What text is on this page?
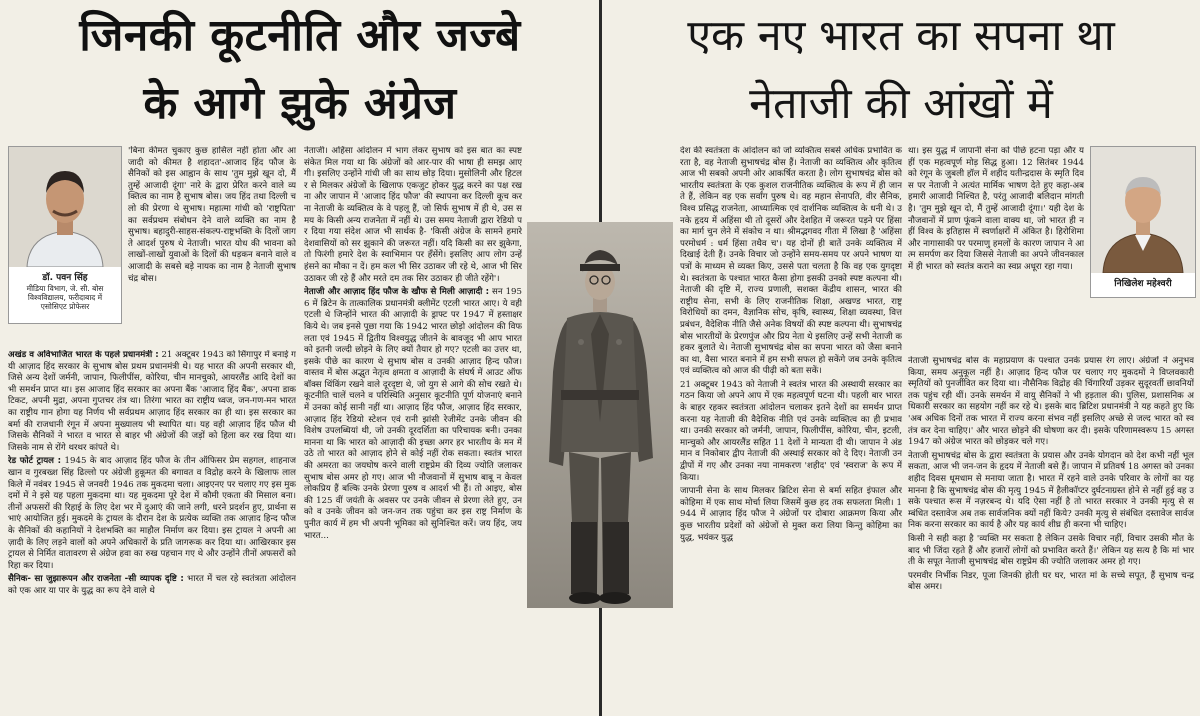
जिनकी कूटनीति और जज्बे
के आगे झुके अंग्रेज
डॉ. पवन सिंह
मीडिया विभाग, जे. सी. बोस
विश्वविद्यालय, फरीदाबाद में
एसोसिएट प्रोफेसर

'बिना कीमत चुकाए कुछ हासिल नहीं होता और आजादी को कीमत है शहादत'-आजाद हिंद फौज के सैनिकों को इस आह्वान के साथ 'तुम मुझे खून दो, मैं तुम्हें आजादी दूंगा' नारे के द्वारा प्रेरित करने वाले व्यक्तित्व का नाम है सुभाष बोस। जय हिंद तथा दिल्ली चलो की प्रेरणा थे सुभाष। महात्मा गांधी को 'राष्ट्रपिता' का सर्वप्रथम संबोधन देने वाले व्यक्ति का नाम है सुभाष। बहादुरी-साहस-संकल्प-राष्ट्रभक्ति के दिलों जागते आदर्श पुरुष थे नेताजी। भारत योध की भावना को लाखों-लाखों युवाओं के दिलों की धड़कन बनाने वाले व आजादी के सबसे बड़े नायक का नाम है नेताजी सुभाषचंद्र बोस।

अखंड व अविभाजित भारत के पहले प्रधानमंत्री : 21 अक्टूबर 1943 को सिंगापुर में बनाई गयी आज़ाद हिंद सरकार के सुभाष बोस प्रथम प्रधानमंत्री थे। यह भारत की अपनी सरकार थी, जिसे अन्य देशों जर्मनी, जापान, फिलीपींस, कोरिया, चीन मानचुको, आयरलैंड आदि देशों का भी समर्थन प्राप्त था। इस आजाद हिंद सरकार का अपना बैंक 'आजाद हिंद बैंक', अपना डाक टिकट, अपनी मुद्रा, अपना गुप्तचर तंत्र था। तिरंगा भारत का राष्ट्रीय ध्वज, जन-गण-मन भारत का राष्ट्रीय गान होगा यह निर्णय भी सर्वप्रथम आज़ाद हिंद सरकार का ही था। इस सरकार का बर्मा की राजधानी रंगून में अपना मुख्यालय भी स्थापित था। यह वही आज़ाद हिंद फौज थी जिसके सैनिकों ने भारत व भारत से बाहर भी अंग्रेजों की जड़ों को हिला कर रख दिया था। जिसके नाम से रोंगे थरथर कांपते थे।

रेड फोर्ट ट्रायल : 1945 के बाद आज़ाद हिंद फौज के तीन ऑफिसर प्रेम सहगल, शाहनाज खान व गुरबख्श सिंह ढिल्लो पर अंग्रेजी हुकूमत की बगावत व विद्रोह करने के खिलाफ लाल किले में नवंबर 1945 से जनवरी 1946 तक मुकदमा चला। आइएनए पर चलाए गए इस मुकदमों में ने इसे यह पहला मुकदमा था। यह मुकदमा पूरे देश में कौमी एकता की मिसाल बना। तीनों अफसरों की रिहाई के लिए देश भर में दुआएं की जाने लगी, धरने प्रदर्शन हुए, प्रार्थना सभाएं आयोजित हुई। मुकदमे के ट्रायल के दौरान देश के प्रत्येक व्यक्ति तक आज़ाद हिन्द फौज के सैनिकों की कहानियों ने देशभक्ति का माहौल निर्माण कर दिया। इस ट्रायल ने अपनी आज़ादी के लिए लड़ने वालों को अपने अधिकारों के प्रति जागरूक कर दिया था। आखिरकार इस ट्रायल से निर्मित वातावरण से अंग्रेज हवा का रुख पहचान गए थे और उन्होंने तीनों अफसरों को रिहा कर दिया।

सैनिक- सा जुझारूपन और राजनेता -सी व्यापक दृष्टि : भारत में चल रहे स्वतंत्रता आंदोलन को एक आर या पार के युद्ध का रूप देने वाले थे

नेताजी। अहिंसा आंदोलन में भाग लेकर सुभाष को इस बात का स्पष्ट संकेत मिल गया था कि अंग्रेजों को आर-पार की भाषा ही समझ आएगी। इसलिए उन्होंने गांधी जी का साथ छोड़ दिया। मुसोलिनी और हिटलर से मिलकर अंग्रेजों के खिलाफ एकजुट होकर युद्ध करने का पक्ष रखना और जापान में 'आजाद हिंद फौज' की स्थापना कर दिल्ली कूच करना नेताजी के व्यक्तित्व के वे पहलू हैं, जो सिर्फ सुभाष में ही थे, उस समय के किसी अन्य राजनेता में नहीं थे। उस समय नेताजी द्वारा रेडियो पर दिया गया संदेश आज भी सार्थक है- 'किसी अंग्रेज के सामने हमारे देशवासियों को सर झुकाने की जरूरत नहीं। यदि किसी का सर झुकेगा, तो फिरंगी हमारे देश के स्वाभिमान पर हँसेंगे। इसलिए आप लोग उन्हें हंसने का मौका न दें। हम कल भी सिर उठाकर जी रहे थे, आज भी सिर उठाकर जी रहे हैं और मरते दम तक सिर उठाकर ही जीते रहेंगे'।

नेताजी और आज़ाद हिंद फौज के खौफ से मिली आज़ादी : सन 1956 में ब्रिटेन के तात्कालिक प्रधानमंत्री क्लीमेंट एटली भारत आए। ये वही एटली थे जिन्होंने भारत की आज़ादी के ड्राफ्ट पर 1947 में हस्ताक्षर किये थे। जब इनसे पूछा गया कि 1942 भारत छोड़ो आंदोलन की विफलता एवं 1945 में द्वितीय विश्वयुद्ध जीतने के बावजूद भी आप भारत को इतनी जल्दी छोड़ने के लिए क्यों तैयार हो गए? एटली का उत्तर था, इसके पीछे का कारण थे सुभाष बोस व उनकी आज़ाद हिन्द फौज। वास्तव में बोस अद्भुत नेतृत्व क्षमता व आज़ादी के संघर्ष में आउट ऑफ बॉक्स थिंकिंग रखने वाले दूरदृष्टा थे, जो युग से आगे की सोच रखते थे। कूटनीति चालें चलने व परिस्थिति अनुसार कूटनीति पूर्ण योजनाएं बनाने में उनका कोई सानी नहीं था। आज़ाद हिंद फौज, आज़ाद हिंद सरकार, आज़ाद हिंद रेडियो स्टेशन एवं रानी झांसी रेजीमेंट उनके जीवन की विशेष उपलब्धियां थी, जो उनकी दूरदर्शिता का परिचायक बनी। उनका मानना था कि भारत को आज़ादी की इच्छा अगर हर भारतीय के मन में उठे तो भारत को आज़ाद होने से कोई नहीं रोक सकता। स्वतंत्र भारत की अमरता का जयघोष करने वाली राष्ट्रप्रेम की दिव्य ज्योति जलाकर सुभाष बोस अमर हो गए। आज भी नौजवानों में सुभाष बाबू न केवल लोकप्रिय हैं बल्कि उनके प्रेरणा पुरुष व आदर्श भी हैं। तो आइए, बोस की 125 वीं जयंती के अवसर पर उनके जीवन से प्रेरणा लेते हुए, उनको व उनके जीवन को जन-जन तक पहुंचा कर इस राष्ट्र निर्माण के पुनीत कार्य में हम भी अपनी भूमिका को सुनिश्चित करें। जय हिंद, जय भारत...

एक नए भारत का सपना था
नेताजी की आंखों में

देश की स्वतंत्रता के आंदोलन को जो व्यक्तित्व सबसे अधिक प्रभावित करता है, वह नेताजी सुभाषचंद्र बोस हैं। नेताजी का व्यक्तित्व और कृतित्व आज भी सबको अपनी ओर आकर्षित करता है। लोग सुभाषचंद्र बोस को भारतीय स्वतंत्रता के एक कुशल राजनीतिक व्यक्तित्व के रूप में ही जानते हैं, लेकिन वह एक सर्वांग पुरुष थे। वह महान सेनापति, वीर सैनिक, विश्व प्रसिद्ध राजनेता, आध्यात्मिक एवं दार्शनिक व्यक्तित्व के धनी थे। उनके हृदय में अहिंसा थी तो दूसरों और देशहित में जरूरत पड़ने पर हिंसा का मार्ग चुन लेने में संकोच न था। श्रीमद्भगवद गीता में लिखा है 'अहिंसा परमोधर्म : धर्म हिंसा तथैव च'। यह दोनों ही बातें उनके व्यक्तित्व में दिखाई देती हैं। उनके विचार जो उन्होंने समय-समय पर अपने भाषण या पत्रों के माध्यम से व्यक्त किए, उससे पता चलता है कि वह एक युगदृष्टा थे। स्वतंत्रता के पश्चात भारत कैसा होगा इसकी उनको स्पष्ट कल्पना थी। नेताजी की दृष्टि में, राज्य प्रणाली, सशक्त केंद्रीय शासन, भारत की राष्ट्रीय सेना, सभी के लिए राजनीतिक शिक्षा, अखण्ड भारत, राष्ट्र विरोधियों का दमन, वैज्ञानिक सोच, कृषि, स्वास्थ्य, शिक्षा व्यवस्था, वित्त प्रबंधन, वैदेशिक नीति जैसे अनेक विषयों की स्पष्ट कल्पना थी। सुभाषचंद्र बोस भारतीयों के प्रेरणपुंज और प्रिय नेता थे इसलिए उन्हें सभी नेताजी कहकर बुलाते थे। नेताजी सुभाषचंद्र बोस का सपना भारत को जैसा बनाने का था, वैसा भारत बनाने में हम सभी सफल हो सकेंगे जब उनके कृतित्व एवं व्यक्तित्व को आज की पीढ़ी को बता सकें।

21 अक्टूबर 1943 को नेताजी ने स्वतंत्र भारत की अस्थायी सरकार का गठन किया जो अपने आप में एक महत्वपूर्ण घटना थी। पहली बार भारत के बाहर रहकर स्वतंत्रता आंदोलन चलाकर इतने देशों का समर्थन प्राप्त करना यह नेताजी की वैदेशिक नीति एवं उनके व्यक्तित्व का ही प्रभाव था। उनकी सरकार को जर्मनी, जापान, फिलीपींस, कोरिया, चीन, इटली, मान्चुको और आयरलैंड सहित 11 देशों ने मान्यता दी थी। जापान ने अंडमान व निकोबार द्वीप नेताजी की अस्थाई सरकार को दे दिए। नेताजी उन द्वीपों में गए और उनका नया नामकरण 'शहीद' एवं 'स्वराज' के रूप में किया।

जापानी सेना के साथ मिलकर ब्रिटिश सेना से बर्मा सहित इंफाल और कोहिमा में एक साथ मोर्चा लिया जिसमें कुछ हद तक सफलता मिली। 1944 में आज़ाद हिंद फौज ने अंग्रेजों पर दोबारा आक्रमण किया और कुछ भारतीय प्रदेशों को अंग्रेजों से मुक्त करा लिया किन्तु कोहिमा का युद्ध, भयंकर युद्ध

था। इस युद्ध में जापानी सेना को पीछे हटना पड़ा और यहीं एक महत्वपूर्ण मोड़ सिद्ध हुआ। 12 सितंबर 1944 को रंगून के जुबली हॉल में शहीद यतीन्द्रदास के स्मृति दिवस पर नेताजी ने अत्यंत मार्मिक भाषण देते हुए कहा-अब हमारी आजादी निश्चित है, परंतु आजादी बलिदान मांगती है। 'तुम मुझे खून दो, मैं तुम्हें आजादी दूंगा।' यही देश के नौजवानों में प्राण फूंकने वाला वाक्य था, जो भारत ही नहीं विश्व के इतिहास में स्वर्णाक्षरों में अंकित है। हिरोशिमा और नागासाकी पर परमाणु हमलों के कारण जापान ने आत्म समर्पण कर दिया जिससे नेताजी का अपने जीवनकाल में ही भारत को स्वतंत्र कराने का स्वप्न अधूरा रहा गया।

निखिलेश महेश्वरी

नेताजी सुभाषचंद्र बोस के महाप्रयाण के पश्चात उनके प्रयास रंग लाए। अंग्रेजों ने अनुभव किया, समय अनुकूल नहीं है। आज़ाद हिन्द फौज पर चलाए गए मुकदमों ने विप्लवकारी स्मृतियों को पुनर्जीवित कर दिया था। नौसैनिक विद्रोह की चिंगारियाँ उड़कर सुदूरवर्ती छावनियों तक पहुंच रही थीं। उनके समर्थन में वायु सैनिकों ने भी हड़ताल की। पुलिस, प्रशासनिक अधिकारी सरकार का सहयोग नहीं कर रहे थे। इसके बाद ब्रिटिश प्रधानमंत्री ने यह कहते हुए कि 'अब अधिक दिनों तक भारत में राज्य करना संभव नहीं इसलिए अच्छे से जल्द भारत को स्वतंत्र कर देना चाहिए।' और भारत छोड़ने की घोषणा कर दी। इसके परिणामस्वरूप 15 अगस्त 1947 को अंग्रेज भारत को छोड़कर चले गए।

नेताजी सुभाषचंद्र बोस के द्वारा स्वतंत्रता के प्रयास और उनके योगदान को देश कभी नहीं भूल सकता, आज भी जन-जन के हृदय में नेताजी बसे हैं। जापान में प्रतिवर्ष 18 अगस्त को उनका शहीद दिवस धूमधाम से मनाया जाता है। भारत में रहने वाले उनके परिवार के लोगों का यह मानना है कि सुभाषचंद्र बोस की मृत्यु 1945 में हैलीकॉप्टर दुर्घटनाग्रस्त होने से नहीं हुई वह उसके पश्चात रूस में नज़रबन्द थे। यदि ऐसा नहीं है तो भारत सरकार ने उनकी मृत्यु से सम्बंधित दस्तावेज अब तक सार्वजनिक क्यों नहीं किये? उनकी मृत्यु से संबंधित दस्तावेज सार्वजनिक करना सरकार का कार्य है और यह कार्य शीघ्र ही करना भी चाहिए।

किसी ने सही कहा है 'व्यक्ति मर सकता है लेकिन उसके विचार नहीं, विचार उसकी मौत के बाद भी जिंदा रहते हैं और हजारों लोगों को प्रभावित करते हैं।' लेकिन यह सत्य है कि मां भारती के सपूत नेताजी सुभाषचंद्र बोस राष्ट्रप्रेम की ज्योति जलाकर अमर हो गए।

परमवीर निर्भीक निडर, पूजा जिनकी होती घर घर, भारत मां के सच्चे सपूत, हैं सुभाष चन्द्र बोस अमर।
